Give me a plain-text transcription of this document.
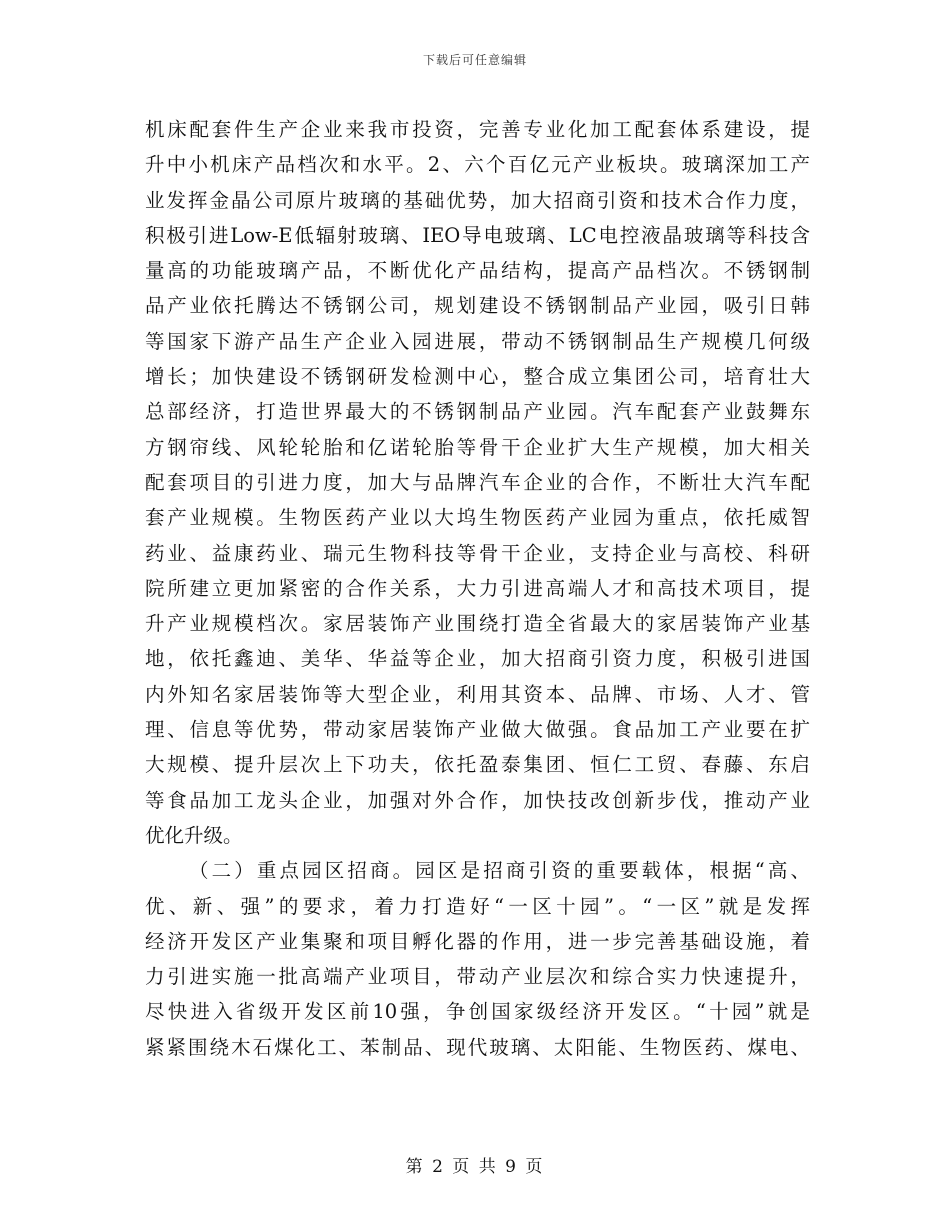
下载后可任意编辑
机床配套件生产企业来我市投资，完善专业化加工配套体系建设，提
升中小机床产品档次和水平。2、六个百亿元产业板块。玻璃深加工产
业发挥金晶公司原片玻璃的基础优势，加大招商引资和技术合作力度，
积极引进Low-E低辐射玻璃、IEO导电玻璃、LC电控液晶玻璃等科技含
量高的功能玻璃产品，不断优化产品结构，提高产品档次。不锈钢制
品产业依托腾达不锈钢公司，规划建设不锈钢制品产业园，吸引日韩
等国家下游产品生产企业入园进展，带动不锈钢制品生产规模几何级
增长；加快建设不锈钢研发检测中心，整合成立集团公司，培育壮大
总部经济，打造世界最大的不锈钢制品产业园。汽车配套产业鼓舞东
方钢帘线、风轮轮胎和亿诺轮胎等骨干企业扩大生产规模，加大相关
配套项目的引进力度，加大与品牌汽车企业的合作，不断壮大汽车配
套产业规模。生物医药产业以大坞生物医药产业园为重点，依托威智
药业、益康药业、瑞元生物科技等骨干企业，支持企业与高校、科研
院所建立更加紧密的合作关系，大力引进高端人才和高技术项目，提
升产业规模档次。家居装饰产业围绕打造全省最大的家居装饰产业基
地，依托鑫迪、美华、华益等企业，加大招商引资力度，积极引进国
内外知名家居装饰等大型企业，利用其资本、品牌、市场、人才、管
理、信息等优势，带动家居装饰产业做大做强。食品加工产业要在扩
大规模、提升层次上下功夫，依托盈泰集团、恒仁工贸、春藤、东启
等食品加工龙头企业，加强对外合作，加快技改创新步伐，推动产业
优化升级。
（二）重点园区招商。园区是招商引资的重要载体，根据“高、
优、新、强”的要求，着力打造好“一区十园”。“一区”就是发挥
经济开发区产业集聚和项目孵化器的作用，进一步完善基础设施，着
力引进实施一批高端产业项目，带动产业层次和综合实力快速提升，
尽快进入省级开发区前10强，争创国家级经济开发区。“十园”就是
紧紧围绕木石煤化工、苯制品、现代玻璃、太阳能、生物医药、煤电、
第 2 页 共 9 页
